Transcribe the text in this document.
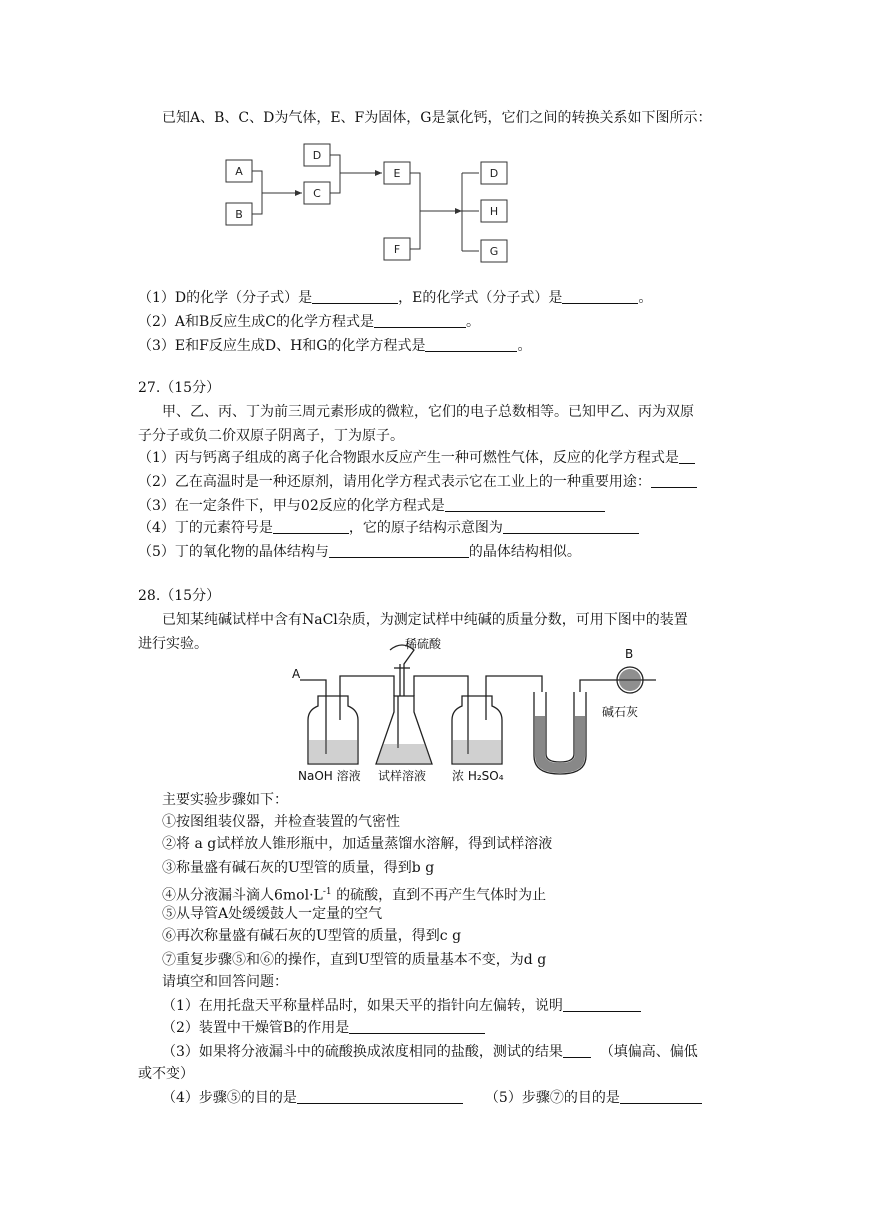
已知A、B、C、D为气体，E、F为固体，G是氯化钙，它们之间的转换关系如下图所示：
A
B
D
C
E
F
D
H
G
（1）D的化学（分子式）是	，E的化学式（分子式）是	。
（2）A和B反应生成C的化学方程式是	。
（3）E和F反应生成D、H和G的化学方程式是	。
27.（15分）
甲、乙、丙、丁为前三周元素形成的微粒，它们的电子总数相等。已知甲乙、丙为双原
子分子或负二价双原子阴离子，丁为原子。
（1）丙与钙离子组成的离子化合物跟水反应产生一种可燃性气体，反应的化学方程式是
（2）乙在高温时是一种还原剂，请用化学方程式表示它在工业上的一种重要用途：
（3）在一定条件下，甲与02反应的化学方程式是
（4）丁的元素符号是	，它的原子结构示意图为
（5）丁的氧化物的晶体结构与	的晶体结构相似。
28.（15分）
已知某纯碱试样中含有NaCl杂质，为测定试样中纯碱的质量分数，可用下图中的装置
进行实验。	稀硫酸
A
B
碱石灰
NaOH 溶液 试样溶液 浓 H₂SO₄
主要实验步骤如下：
①按图组装仪器，并检查装置的气密性
②将 a g试样放人锥形瓶中，加适量蒸馏水溶解，得到试样溶液
③称量盛有碱石灰的U型管的质量，得到b g
④从分液漏斗滴人$6mol\cdot L^{-1}$ 的硫酸，直到不再产生气体时为止
⑤从导管A处缓缓鼓人一定量的空气
⑥再次称量盛有碱石灰的U型管的质量，得到c g
⑦重复步骤⑤和⑥的操作，直到U型管的质量基本不变，为d g
请填空和回答问题：
（1）在用托盘天平称量样品时，如果天平的指针向左偏转，说明
（2）装置中干燥管B的作用是
（3）如果将分液漏斗中的硫酸换成浓度相同的盐酸，测试的结果	（填偏高、偏低
或不变）
（4）步骤⑤的目的是	（5）步骤⑦的目的是
